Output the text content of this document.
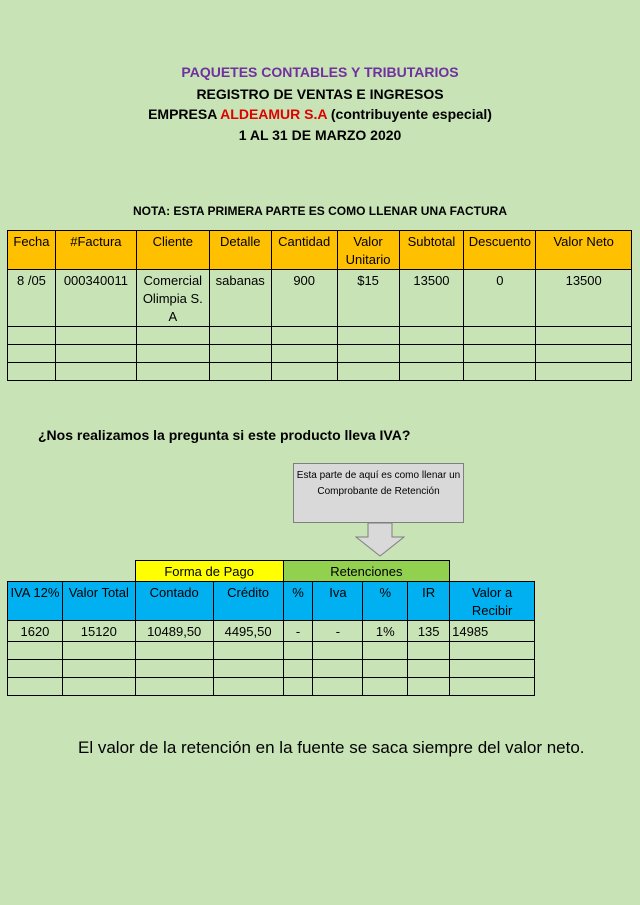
PAQUETES CONTABLES Y TRIBUTARIOS
REGISTRO DE VENTAS E INGRESOS
EMPRESA ALDEAMUR S.A (contribuyente especial)
1 AL 31 DE MARZO 2020
NOTA: ESTA PRIMERA PARTE ES COMO LLENAR UNA FACTURA
Fecha	#Factura	Cliente	Detalle	Cantidad	Valor Unitario	Subtotal	Descuento	Valor Neto
8 /05	000340011	Comercial Olimpia S. A	sabanas	900	$15	13500	0	13500

¿Nos realizamos la pregunta si este producto lleva IVA?
Esta parte de aquí es como llenar un Comprobante de Retención
		Forma de Pago		Retenciones				
IVA 12%	Valor Total	Contado	Crédito	%	Iva	%	IR	Valor a Recibir
1620	15120	10489,50	4495,50	-	-	1%	135	14985

El valor de la retención en la fuente se saca siempre del valor neto.
